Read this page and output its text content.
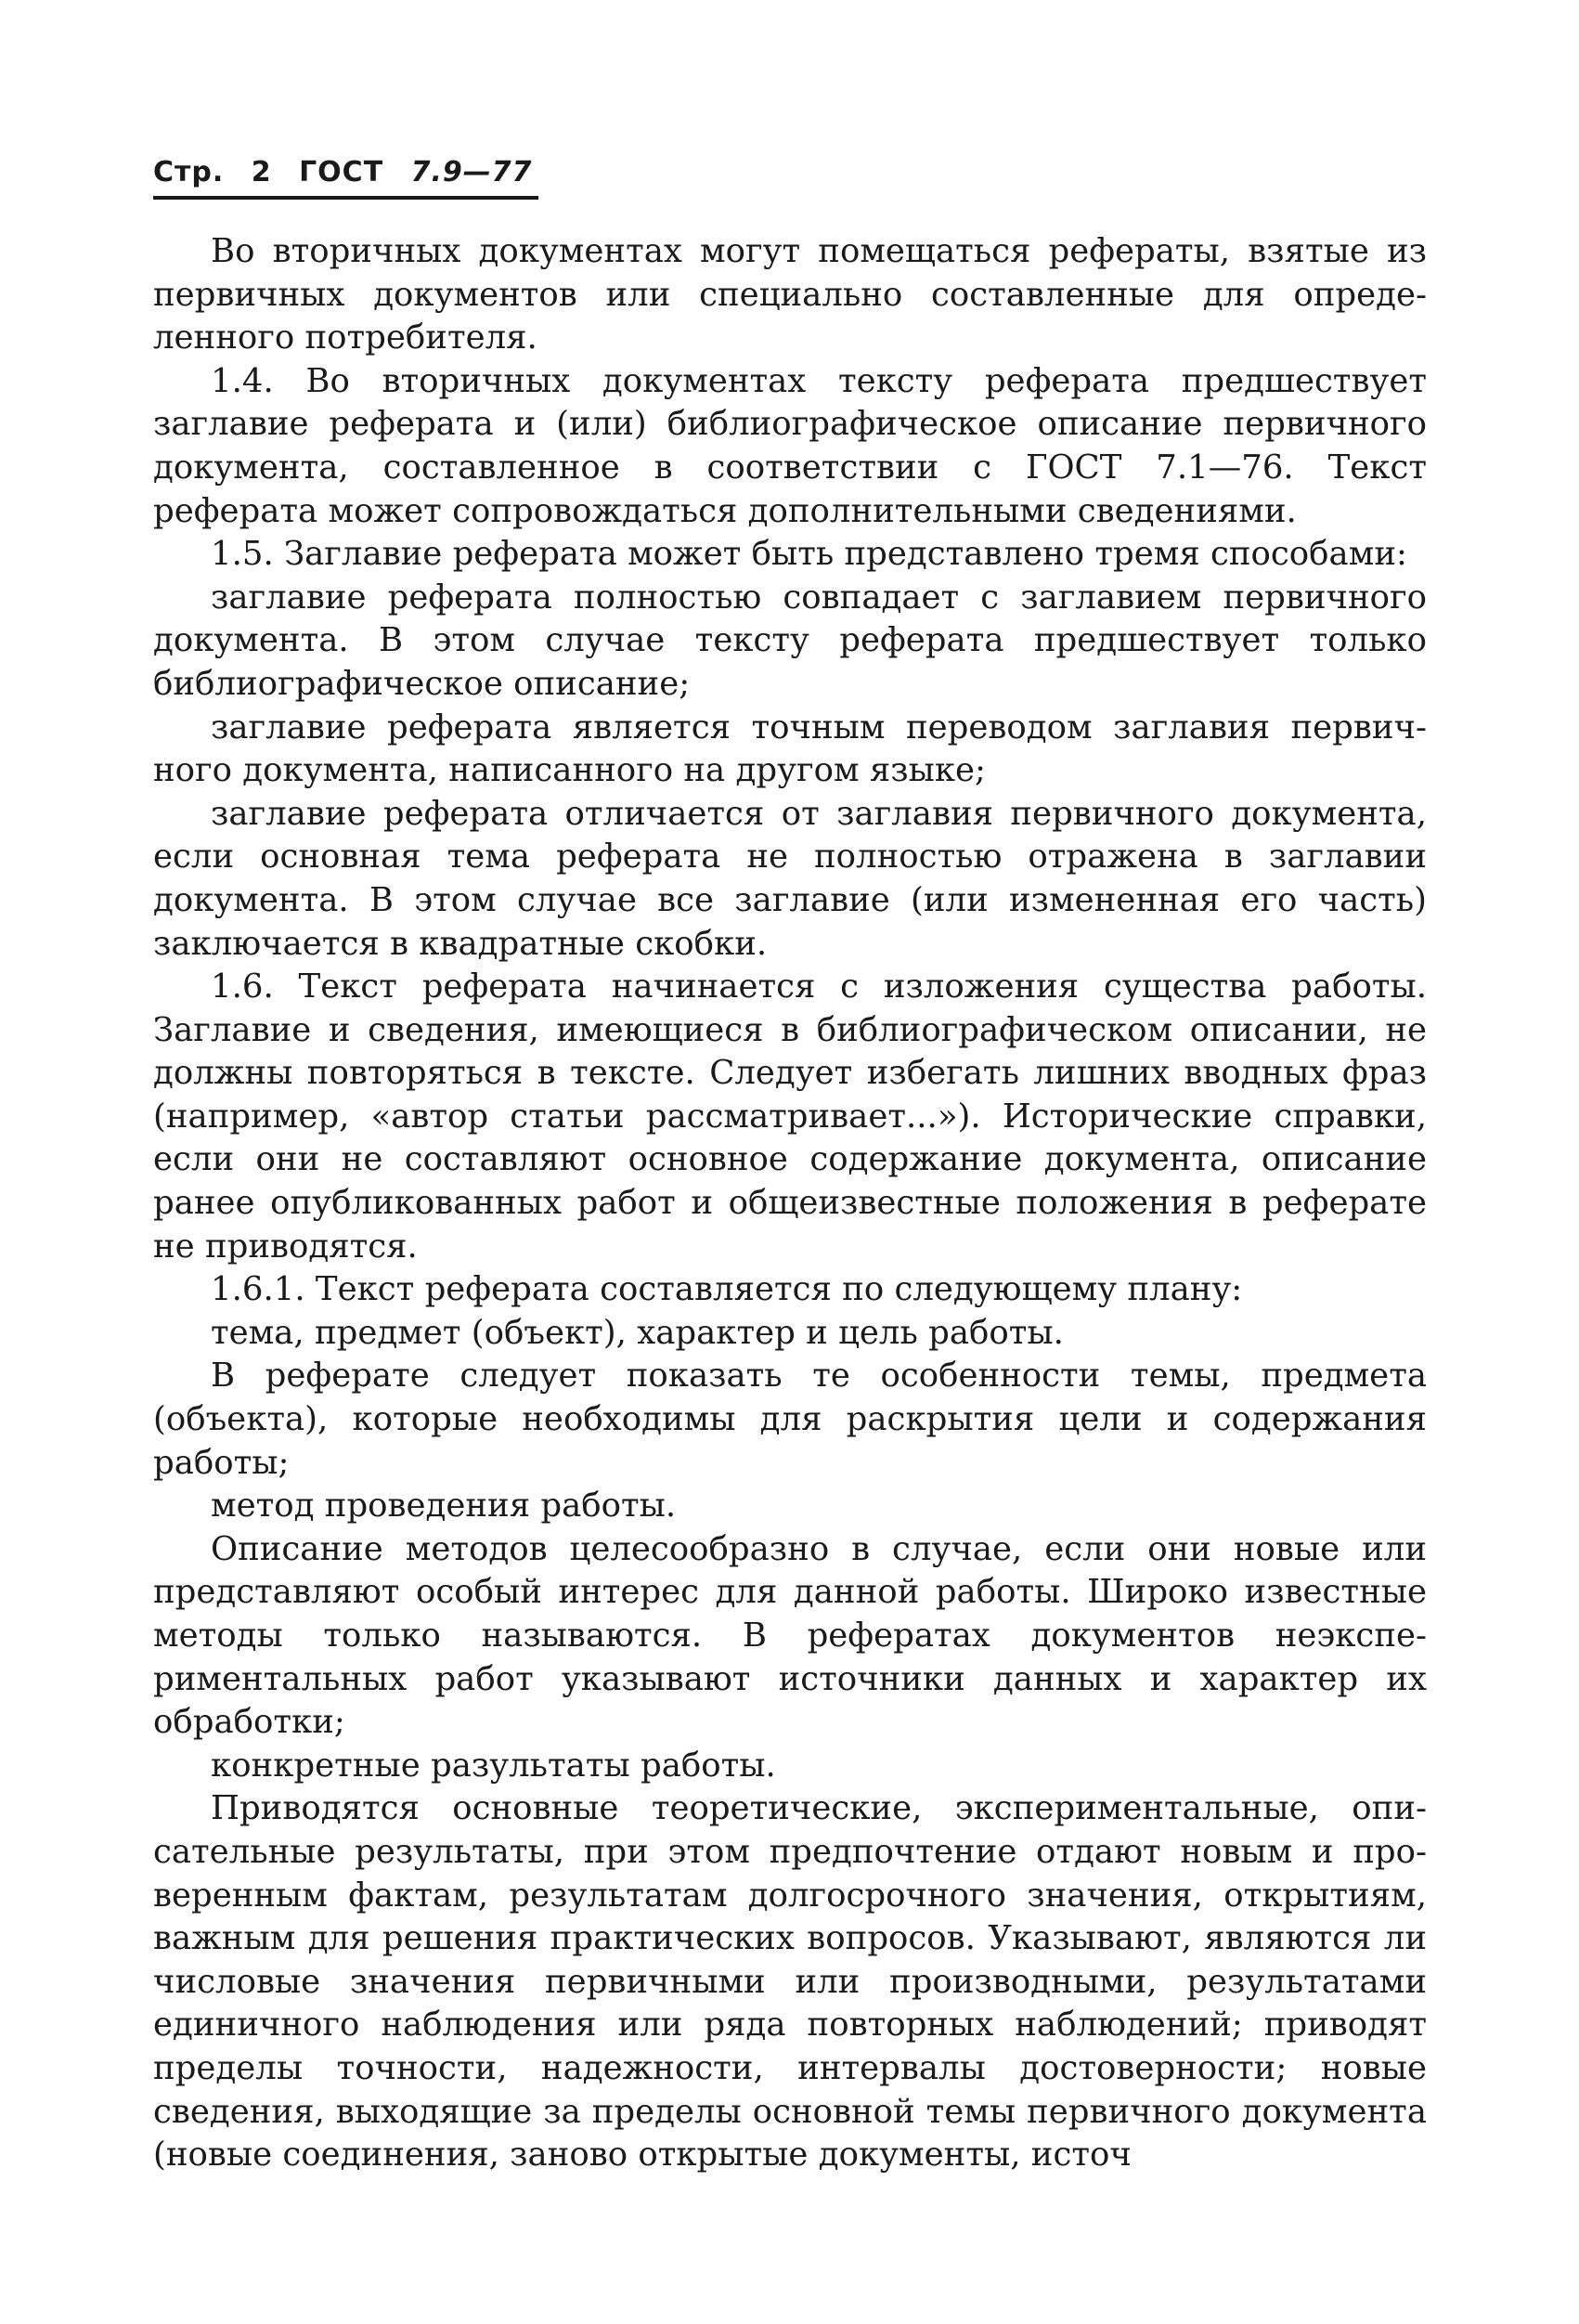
Стр. 2 ГОСТ 7.9—77

Во вторичных документах могут помещаться рефераты, взятые из первичных документов или специально составленные для определенного потребителя.

1.4. Во вторичных документах тексту реферата предшествует заглавие реферата и (или) библиографическое описание первичного документа, составленное в соответствии с ГОСТ 7.1—76. Текст реферата может сопровождаться дополнительными сведениями.

1.5. Заглавие реферата может быть представлено тремя способами:

заглавие реферата полностью совпадает с заглавием первичного документа. В этом случае тексту реферата предшествует только библиографическое описание;

заглавие реферата является точным переводом заглавия первичного документа, написанного на другом языке;

заглавие реферата отличается от заглавия первичного документа, если основная тема реферата не полностью отражена в заглавии документа. В этом случае все заглавие (или измененная его часть) заключается в квадратные скобки.

1.6. Текст реферата начинается с изложения существа работы. Заглавие и сведения, имеющиеся в библиографическом описании, не должны повторяться в тексте. Следует избегать лишних вводных фраз (например, «автор статьи рассматривает...»). Исторические справки, если они не составляют основное содержание документа, описание ранее опубликованных работ и общеизвестные положения в реферате не приводятся.

1.6.1. Текст реферата составляется по следующему плану:

тема, предмет (объект), характер и цель работы.

В реферате следует показать те особенности темы, предмета (объекта), которые необходимы для раскрытия цели и содержания работы;

метод проведения работы.

Описание методов целесообразно в случае, если они новые или представляют особый интерес для данной работы. Широко известные методы только называются. В рефератах документов неэкспериментальных работ указывают источники данных и характер их обработки;

конкретные разультаты работы.

Приводятся основные теоретические, экспериментальные, описательные результаты, при этом предпочтение отдают новым и проверенным фактам, результатам долгосрочного значения, открытиям, важным для решения практических вопросов. Указывают, являются ли числовые значения первичными или производными, результатами единичного наблюдения или ряда повторных наблюдений; приводят пределы точности, надежности, интервалы достоверности; новые сведения, выходящие за пределы основной темы первичного документа (новые соединения, заново открытые документы, источ
